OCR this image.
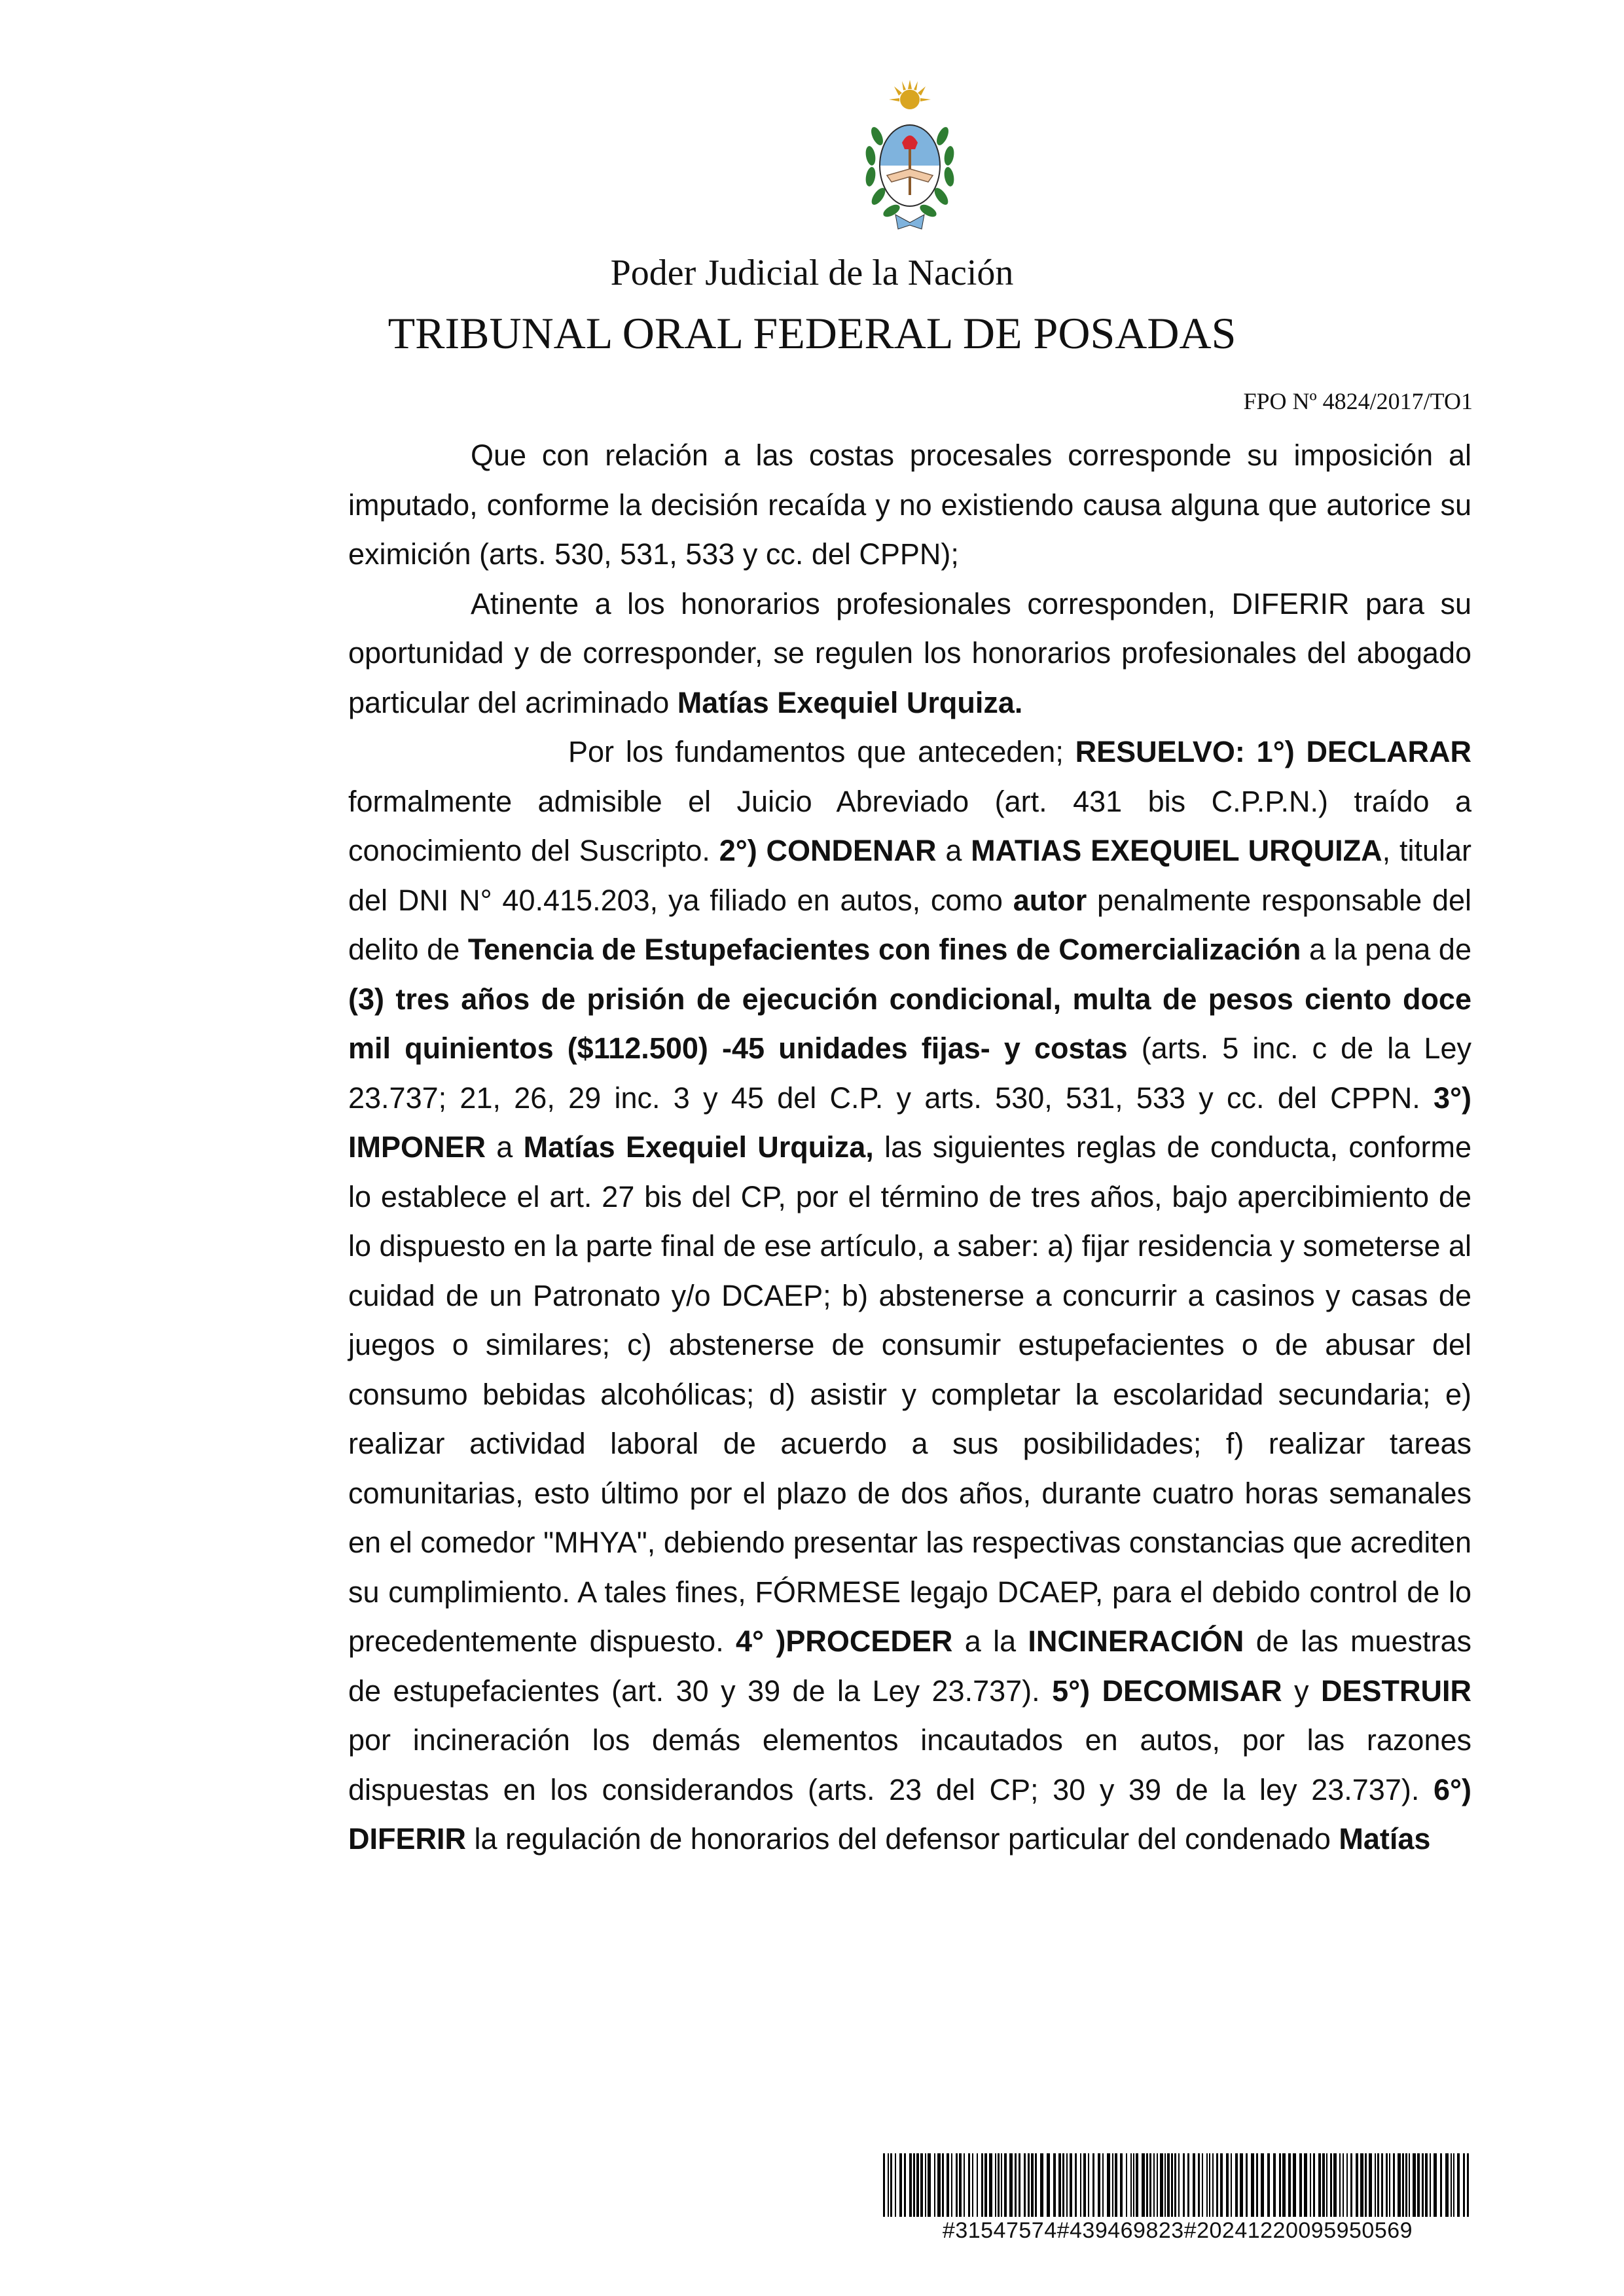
Poder Judicial de la Nación
TRIBUNAL ORAL FEDERAL DE POSADAS
FPO Nº 4824/2017/TO1

Que con relación a las costas procesales corresponde su imposición al imputado, conforme la decisión recaída y no existiendo causa alguna que autorice su eximición (arts. 530, 531, 533 y cc. del CPPN);

Atinente a los honorarios profesionales corresponden, DIFERIR para su oportunidad y de corresponder, se regulen los honorarios profesionales del abogado particular del acriminado Matías Exequiel Urquiza.

Por los fundamentos que anteceden; RESUELVO: 1°) DECLARAR formalmente admisible el Juicio Abreviado (art. 431 bis C.P.P.N.) traído a conocimiento del Suscripto. 2°) CONDENAR a MATIAS EXEQUIEL URQUIZA, titular del DNI N° 40.415.203, ya filiado en autos, como autor penalmente responsable del delito de Tenencia de Estupefacientes con fines de Comercialización a la pena de (3) tres años de prisión de ejecución condicional, multa de pesos ciento doce mil quinientos ($112.500) -45 unidades fijas- y costas (arts. 5 inc. c de la Ley 23.737; 21, 26, 29 inc. 3 y 45 del C.P. y arts. 530, 531, 533 y cc. del CPPN. 3°) IMPONER a Matías Exequiel Urquiza, las siguientes reglas de conducta, conforme lo establece el art. 27 bis del CP, por el término de tres años, bajo apercibimiento de lo dispuesto en la parte final de ese artículo, a saber: a) fijar residencia y someterse al cuidad de un Patronato y/o DCAEP; b) abstenerse a concurrir a casinos y casas de juegos o similares; c) abstenerse de consumir estupefacientes o de abusar del consumo bebidas alcohólicas; d) asistir y completar la escolaridad secundaria; e) realizar actividad laboral de acuerdo a sus posibilidades; f) realizar tareas comunitarias, esto último por el plazo de dos años, durante cuatro horas semanales en el comedor "MHYA", debiendo presentar las respectivas constancias que acrediten su cumplimiento. A tales fines, FÓRMESE legajo DCAEP, para el debido control de lo precedentemente dispuesto. 4° )PROCEDER a la INCINERACIÓN de las muestras de estupefacientes (art. 30 y 39 de la Ley 23.737). 5°) DECOMISAR y DESTRUIR por incineración los demás elementos incautados en autos, por las razones dispuestas en los considerandos (arts. 23 del CP; 30 y 39 de la ley 23.737). 6°) DIFERIR la regulación de honorarios del defensor particular del condenado Matías

#31547574#439469823#20241220095950569
